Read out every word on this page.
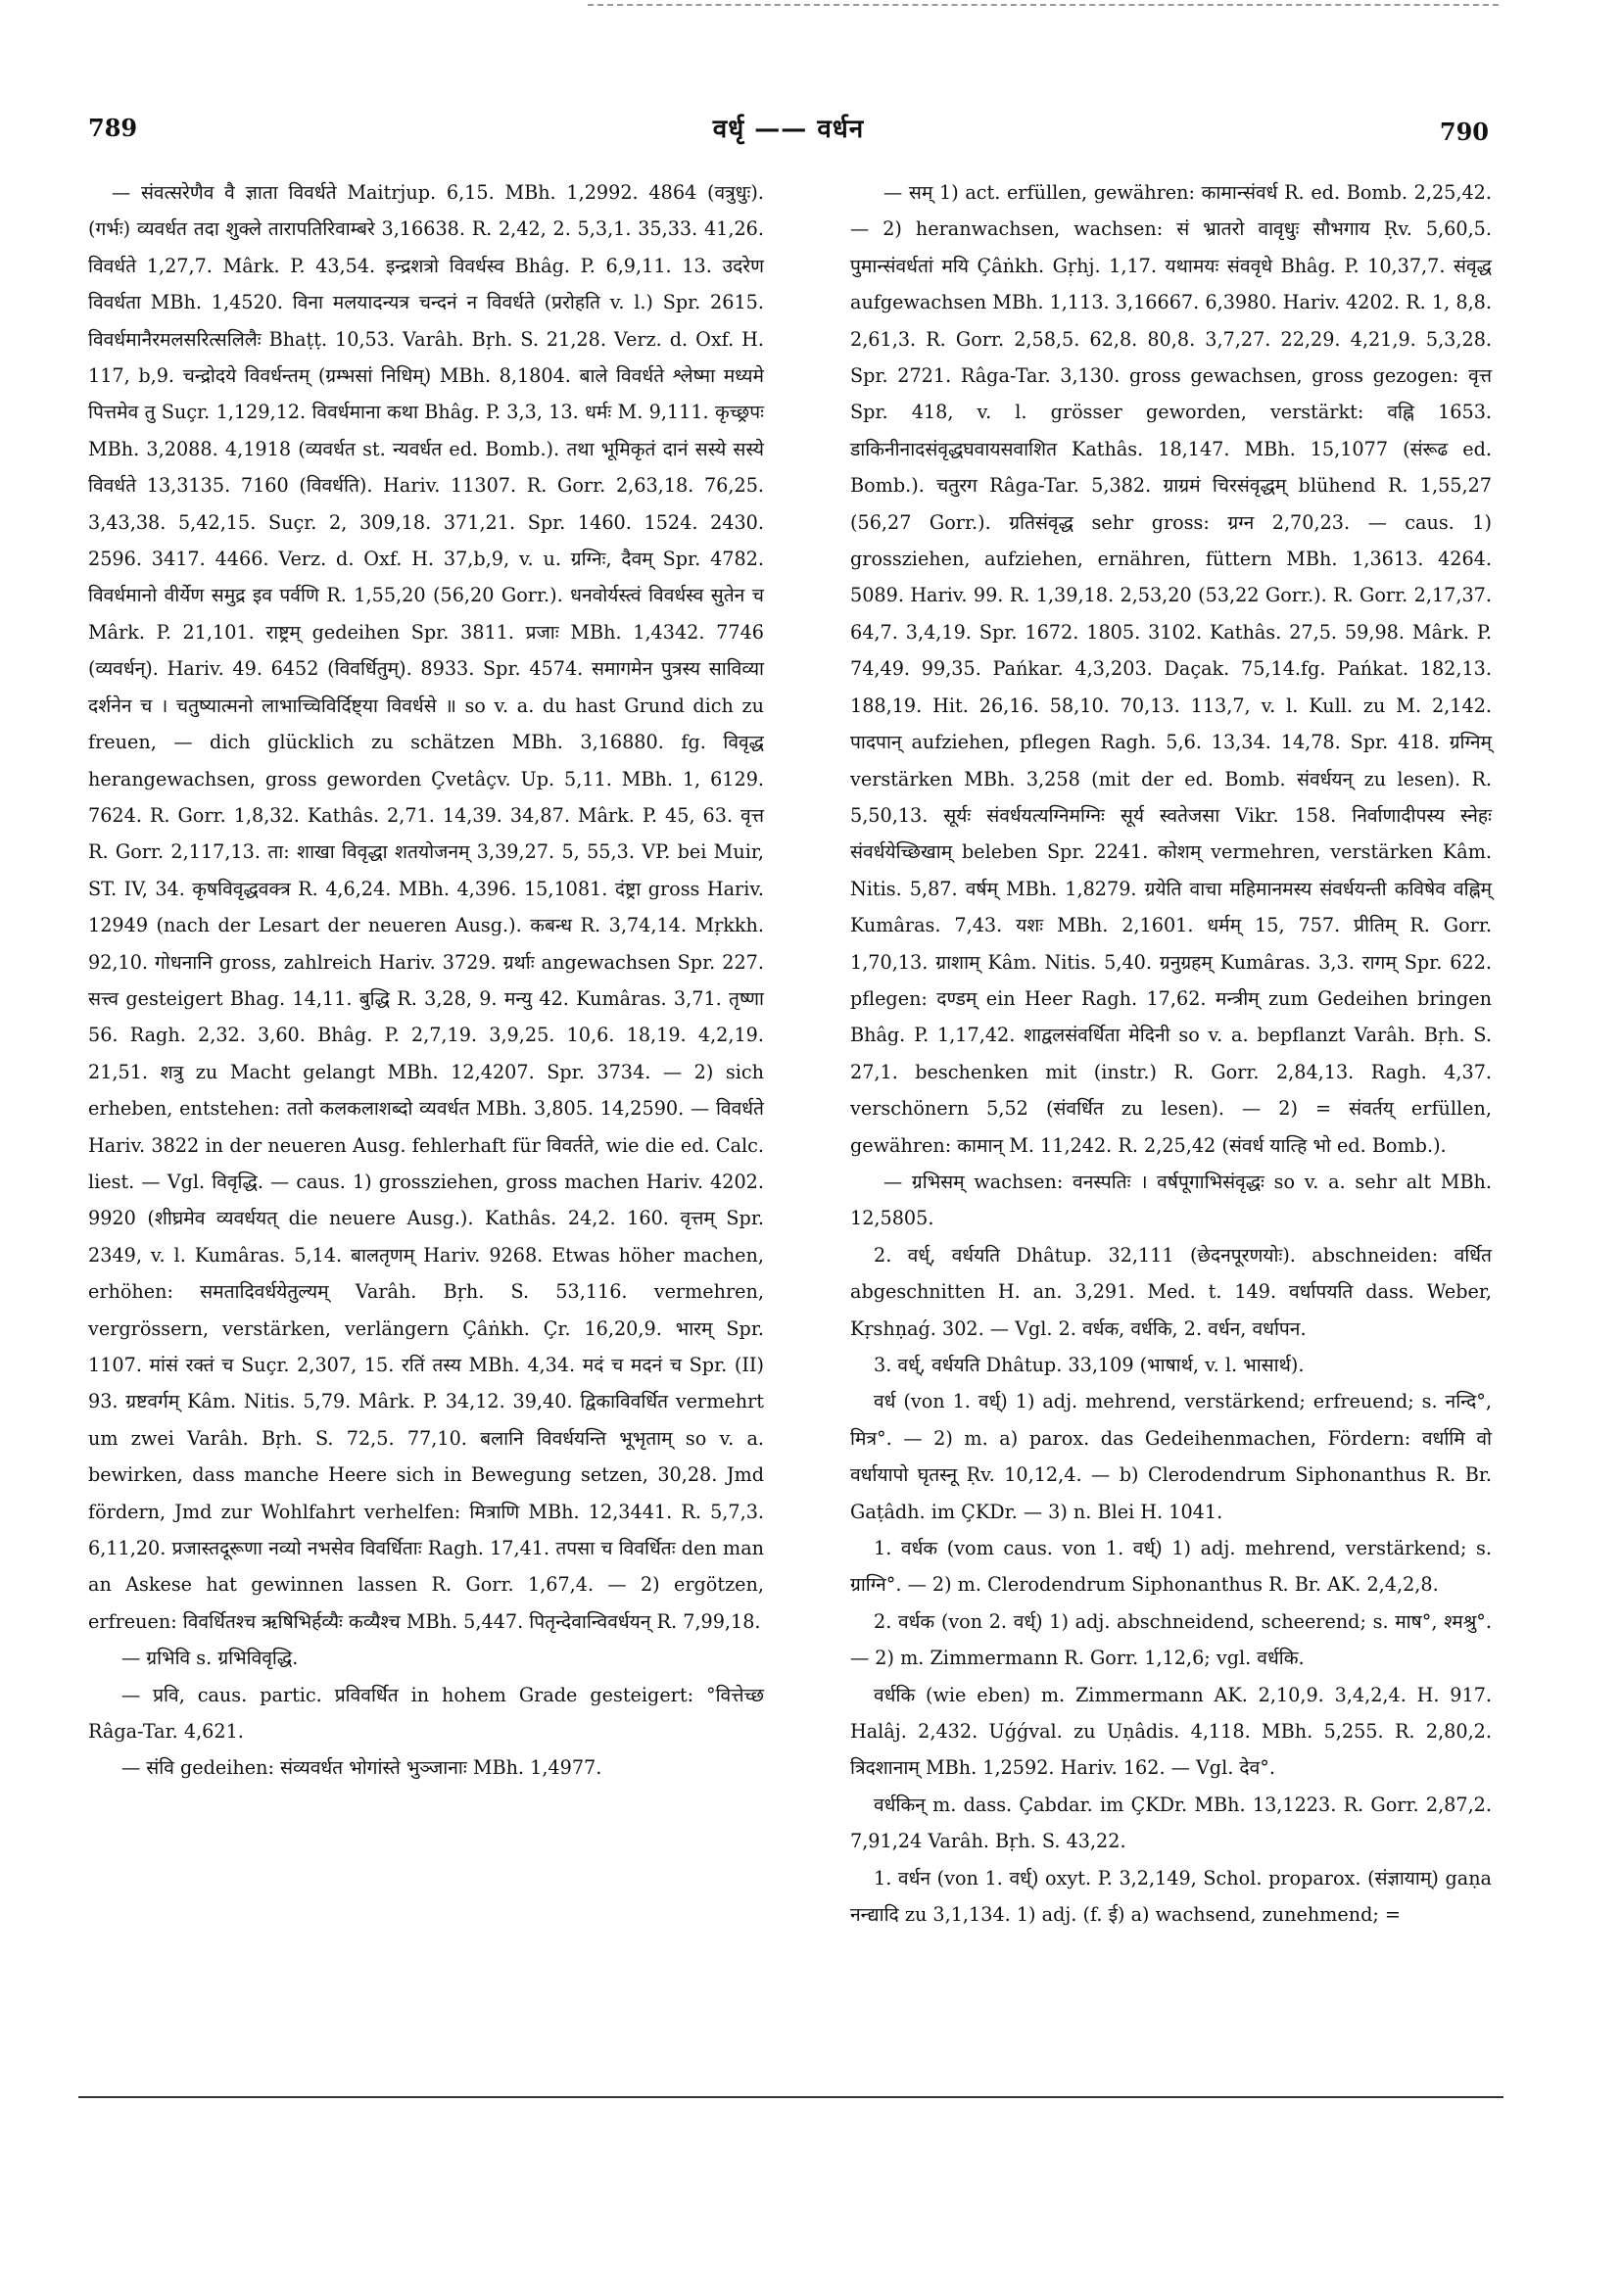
789	वर्धृ —— वर्धन	790

— संवत्सरेणैव वै ज्ञाता विवर्धते Maitrjup. 6,15. MBh. 1,2992. 4864 (वत्रुधुः). (गर्भः) व्यवर्धत तदा शुक्ले तारापतिरिवाम्बरे 3,16638. R. 2,42, 2. 5,3,1. 35,33. 41,26. विवर्धते 1,27,7. Mârk. P. 43,54. इन्द्रशत्रो विवर्धस्व Bhâg. P. 6,9,11. 13. उदरेण विवर्धता MBh. 1,4520. विना मलयादन्यत्र चन्दनं न विवर्धते (प्ररोहति v. l.) Spr. 2615. विवर्धमानैरमलसरित्सलिलैः Bhaṭṭ. 10,53. Varâh. Bṛh. S. 21,28. Verz. d. Oxf. H. 117, b,9. चन्द्रोदये विवर्धन्तम् (ग्रम्भसां निधिम्) MBh. 8,1804. बाले विवर्धते श्लेष्मा मध्यमे पित्तमेव तु Suçr. 1,129,12. विवर्धमाना कथा Bhâg. P. 3,3, 13. धर्मः M. 9,111. कृच्छ्रपः MBh. 3,2088. 4,1918 (व्यवर्धत st. न्यवर्धत ed. Bomb.). तथा भूमिकृतं दानं सस्ये सस्ये विवर्धते 13,3135. 7160 (विवर्धति). Hariv. 11307. R. Gorr. 2,63,18. 76,25. 3,43,38. 5,42,15. Suçr. 2, 309,18. 371,21. Spr. 1460. 1524. 2430. 2596. 3417. 4466. Verz. d. Oxf. H. 37,b,9, v. u. ग्रग्निः, दैवम् Spr. 4782. विवर्धमानो वीर्येण समुद्र इव पर्वणि R. 1,55,20 (56,20 Gorr.). धनवोर्यस्त्वं विवर्धस्व सुतेन च Mârk. P. 21,101. राष्ट्रम् gedeihen Spr. 3811. प्रजाः MBh. 1,4342. 7746 (व्यवर्धन्). Hariv. 49. 6452 (विवर्धितुम्). 8933. Spr. 4574. समागमेन पुत्रस्य साविव्या दर्शनेन च । चतुष्यात्मनो लाभाच्चिविर्दिष्ट्या विवर्धसे ॥ so v. a. du hast Grund dich zu freuen, — dich glücklich zu schätzen MBh. 3,16880. fg. विवृद्ध herangewachsen, gross geworden Çvetâçv. Up. 5,11. MBh. 1, 6129. 7624. R. Gorr. 1,8,32. Kathâs. 2,71. 14,39. 34,87. Mârk. P. 45, 63. वृत्त R. Gorr. 2,117,13. ता: शाखा विवृद्धा शतयोजनम् 3,39,27. 5, 55,3. VP. bei Muir, ST. IV, 34. कृषविवृद्धवक्त्र R. 4,6,24. MBh. 4,396. 15,1081. दंष्ट्रा gross Hariv. 12949 (nach der Lesart der neueren Ausg.). कबन्ध R. 3,74,14. Mṛkkh. 92,10. गोधनानि gross, zahlreich Hariv. 3729. ग्रर्थाः angewachsen Spr. 227. सत्त्व gesteigert Bhag. 14,11. बुद्धि R. 3,28, 9. मन्यु 42. Kumâras. 3,71. तृष्णा 56. Ragh. 2,32. 3,60. Bhâg. P. 2,7,19. 3,9,25. 10,6. 18,19. 4,2,19. 21,51. शत्रु zu Macht gelangt MBh. 12,4207. Spr. 3734. — 2) sich erheben, entstehen: ततो कलकलाशब्दो व्यवर्धत MBh. 3,805. 14,2590. — विवर्धते Hariv. 3822 in der neueren Ausg. fehlerhaft für विवर्तते, wie die ed. Calc. liest. — Vgl. विवृद्धि. — caus. 1) grossziehen, gross machen Hariv. 4202. 9920 (शीघ्रमेव व्यवर्धयत् die neuere Ausg.). Kathâs. 24,2. 160. वृत्तम् Spr. 2349, v. l. Kumâras. 5,14. बालतृणम् Hariv. 9268. Etwas höher machen, erhöhen: समतादिवर्धयेतुल्यम् Varâh. Bṛh. S. 53,116. vermehren, vergrössern, verstärken, verlängern Çâṅkh. Çr. 16,20,9. भारम् Spr. 1107. मांसं रक्तं च Suçr. 2,307, 15. रतिं तस्य MBh. 4,34. मदं च मदनं च Spr. (II) 93. ग्रष्टवर्गम् Kâm. Nitis. 5,79. Mârk. P. 34,12. 39,40. द्विकाविवर्धित vermehrt um zwei Varâh. Bṛh. S. 72,5. 77,10. बलानि विवर्धयन्ति भूभृताम् so v. a. bewirken, dass manche Heere sich in Bewegung setzen, 30,28. Jmd fördern, Jmd zur Wohlfahrt verhelfen: मित्राणि MBh. 12,3441. R. 5,7,3. 6,11,20. प्रजास्तदूरूणा नव्यो नभसेव विवर्धिताः Ragh. 17,41. तपसा च विवर्धितः den man an Askese hat gewinnen lassen R. Gorr. 1,67,4. — 2) ergötzen, erfreuen: विवर्धितश्च ऋषिभिर्हव्यैः कव्यैश्च MBh. 5,447. पितृन्देवान्विवर्धयन् R. 7,99,18.

— ग्रभिवि s. ग्रभिविवृद्धि.

— प्रवि, caus. partic. प्रविवर्धित in hohem Grade gesteigert: °वित्तेच्छ Râga-Tar. 4,621.

— संवि gedeihen: संव्यवर्धत भोगांस्ते भुञ्जानाः MBh. 1,4977.

— सम् 1) act. erfüllen, gewähren: कामान्संवर्ध R. ed. Bomb. 2,25,42. — 2) heranwachsen, wachsen: सं भ्रातरो वावृधुः सौभगाय Ṛv. 5,60,5. पुमान्संवर्धतां मयि Çâṅkh. Gṛhj. 1,17. यथामयः संववृधे Bhâg. P. 10,37,7. संवृद्ध aufgewachsen MBh. 1,113. 3,16667. 6,3980. Hariv. 4202. R. 1, 8,8. 2,61,3. R. Gorr. 2,58,5. 62,8. 80,8. 3,7,27. 22,29. 4,21,9. 5,3,28. Spr. 2721. Râga-Tar. 3,130. gross gewachsen, gross gezogen: वृत्त Spr. 418, v. l. grösser geworden, verstärkt: वह्नि 1653. डाकिनीनादसंवृद्धघवायसवाशित Kathâs. 18,147. MBh. 15,1077 (संरूढ ed. Bomb.). चतुरग Râga-Tar. 5,382. ग्राग्रमं चिरसंवृद्धम् blühend R. 1,55,27 (56,27 Gorr.). ग्रतिसंवृद्ध sehr gross: ग्रग्न 2,70,23. — caus. 1) grossziehen, aufziehen, ernähren, füttern MBh. 1,3613. 4264. 5089. Hariv. 99. R. 1,39,18. 2,53,20 (53,22 Gorr.). R. Gorr. 2,17,37. 64,7. 3,4,19. Spr. 1672. 1805. 3102. Kathâs. 27,5. 59,98. Mârk. P. 74,49. 99,35. Pańkar. 4,3,203. Daçak. 75,14.fg. Pańkat. 182,13. 188,19. Hit. 26,16. 58,10. 70,13. 113,7, v. l. Kull. zu M. 2,142. पादपान् aufziehen, pflegen Ragh. 5,6. 13,34. 14,78. Spr. 418. ग्रग्निम् verstärken MBh. 3,258 (mit der ed. Bomb. संवर्धयन् zu lesen). R. 5,50,13. सूर्यः संवर्धयत्यग्निमग्निः सूर्य स्वतेजसा Vikr. 158. निर्वाणादीपस्य स्नेहः संवर्धयेच्छिखाम् beleben Spr. 2241. कोशम् vermehren, verstärken Kâm. Nitis. 5,87. वर्षम् MBh. 1,8279. ग्रयेति वाचा महिमानमस्य संवर्धयन्ती कविषेव वह्निम् Kumâras. 7,43. यशः MBh. 2,1601. धर्मम् 15, 757. प्रीतिम् R. Gorr. 1,70,13. ग्राशाम् Kâm. Nitis. 5,40. ग्रनुग्रहम् Kumâras. 3,3. रागम् Spr. 622. pflegen: दण्डम् ein Heer Ragh. 17,62. मन्त्रीम् zum Gedeihen bringen Bhâg. P. 1,17,42. शाद्वलसंवर्धिता मेदिनी so v. a. bepflanzt Varâh. Bṛh. S. 27,1. beschenken mit (instr.) R. Gorr. 2,84,13. Ragh. 4,37. verschönern 5,52 (संवर्धित zu lesen). — 2) = संवर्तय् erfüllen, gewähren: कामान् M. 11,242. R. 2,25,42 (संवर्ध यात्हि भो ed. Bomb.).

— ग्रभिसम् wachsen: वनस्पतिः । वर्षपूगाभिसंवृद्धः so v. a. sehr alt MBh. 12,5805.

2. वर्ध्, वर्धयति Dhâtup. 32,111 (छेदनपूरणयोः). abschneiden: वर्धित abgeschnitten H. an. 3,291. Med. t. 149. वर्धापयति dass. Weber, Kṛshṇaǵ. 302. — Vgl. 2. वर्धक, वर्धकि, 2. वर्धन, वर्धापन.

3. वर्ध्, वर्धयति Dhâtup. 33,109 (भाषार्थ, v. l. भासार्थ).

वर्ध (von 1. वर्ध्) 1) adj. mehrend, verstärkend; erfreuend; s. नन्दि°, मित्र°. — 2) m. a) parox. das Gedeihenmachen, Fördern: वर्धामि वो वर्धायापो घृतस्नू Ṛv. 10,12,4. — b) Clerodendrum Siphonanthus R. Br. Gaṭâdh. im ÇKDr. — 3) n. Blei H. 1041.

1. वर्धक (vom caus. von 1. वर्ध्) 1) adj. mehrend, verstärkend; s. ग्राग्नि°. — 2) m. Clerodendrum Siphonanthus R. Br. AK. 2,4,2,8.

2. वर्धक (von 2. वर्ध्) 1) adj. abschneidend, scheerend; s. माष°, श्मश्रु°. — 2) m. Zimmermann R. Gorr. 1,12,6; vgl. वर्धकि.

वर्धकि (wie eben) m. Zimmermann AK. 2,10,9. 3,4,2,4. H. 917. Halâj. 2,432. Uǵǵval. zu Uṇâdis. 4,118. MBh. 5,255. R. 2,80,2. त्रिदशानाम् MBh. 1,2592. Hariv. 162. — Vgl. देव°.

वर्धकिन् m. dass. Çabdar. im ÇKDr. MBh. 13,1223. R. Gorr. 2,87,2. 7,91,24 Varâh. Bṛh. S. 43,22.

1. वर्धन (von 1. वर्ध्) oxyt. P. 3,2,149, Schol. proparox. (संज्ञायाम्) gaṇa नन्द्यादि zu 3,1,134. 1) adj. (f. ई) a) wachsend, zunehmend; =
